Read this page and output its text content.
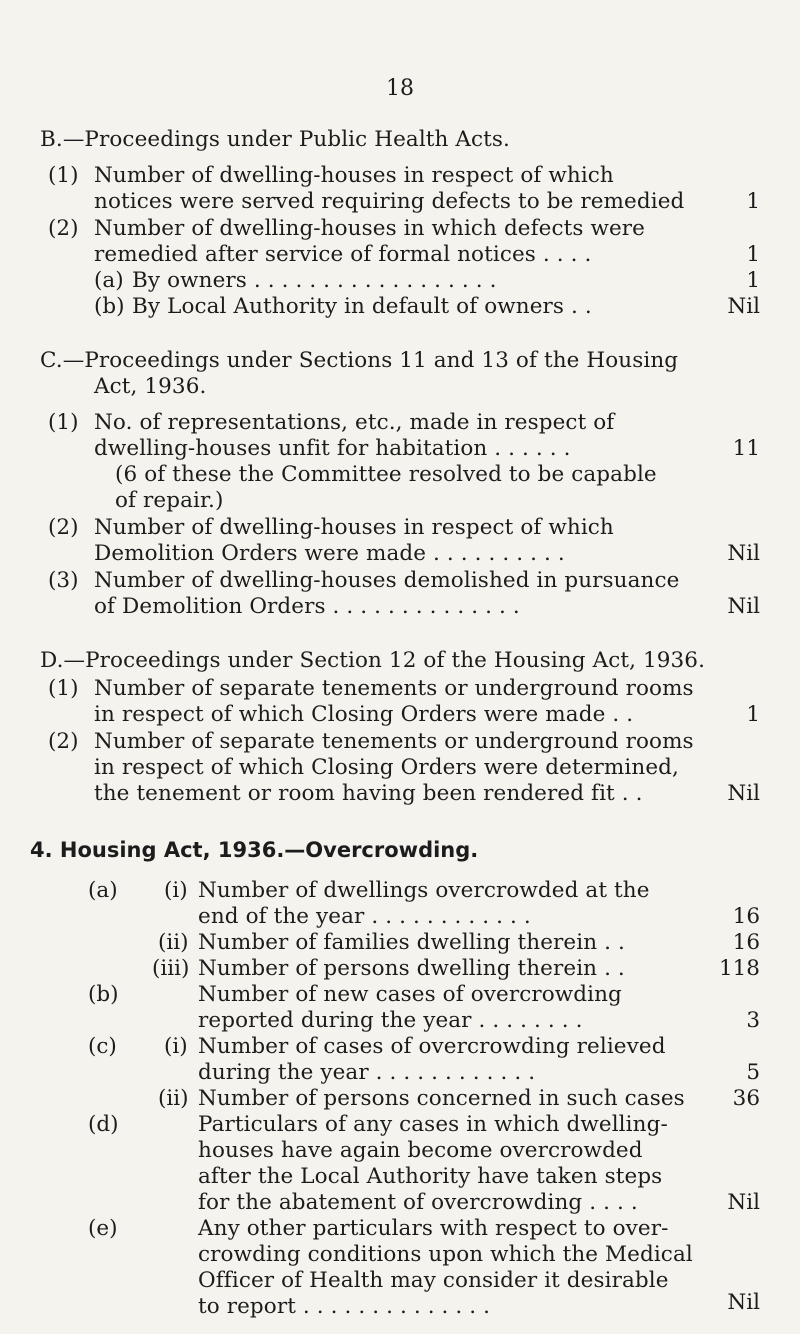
18
B.—Proceedings under Public Health Acts.
(1) Number of dwelling-houses in respect of which
notices were served requiring defects to be remedied	1
(2) Number of dwelling-houses in which defects were
remedied after service of formal notices . . . .	1
(a) By owners . . . . . . . . . . . . . . . . . .	1
(b) By Local Authority in default of owners . .	Nil
C.—Proceedings under Sections 11 and 13 of the Housing
Act, 1936.
(1) No. of representations, etc., made in respect of
dwelling-houses unfit for habitation . . . . . .	11
(6 of these the Committee resolved to be capable
of repair.)
(2) Number of dwelling-houses in respect of which
Demolition Orders were made . . . . . . . . . .	Nil
(3) Number of dwelling-houses demolished in pursuance
of Demolition Orders . . . . . . . . . . . . . .	Nil
D.—Proceedings under Section 12 of the Housing Act, 1936.
(1) Number of separate tenements or underground rooms
in respect of which Closing Orders were made . .	1
(2) Number of separate tenements or underground rooms
in respect of which Closing Orders were determined,
the tenement or room having been rendered fit . .	Nil
4. Housing Act, 1936.—Overcrowding.
(a) (i) Number of dwellings overcrowded at the
end of the year . . . . . . . . . . . .	16
(ii) Number of families dwelling therein . .	16
(iii) Number of persons dwelling therein . .	118
(b)	Number of new cases of overcrowding
reported during the year . . . . . . . .	3
(c) (i) Number of cases of overcrowding relieved
during the year . . . . . . . . . . . .	5
(ii) Number of persons concerned in such cases 36
(d)	Particulars of any cases in which dwelling-
houses have again become overcrowded
after the Local Authority have taken steps
for the abatement of overcrowding . . . .	Nil
(e)	Any other particulars with respect to over-
crowding conditions upon which the Medical
Officer of Health may consider it desirable
to report . . . . . . . . . . . . . .	Nil
